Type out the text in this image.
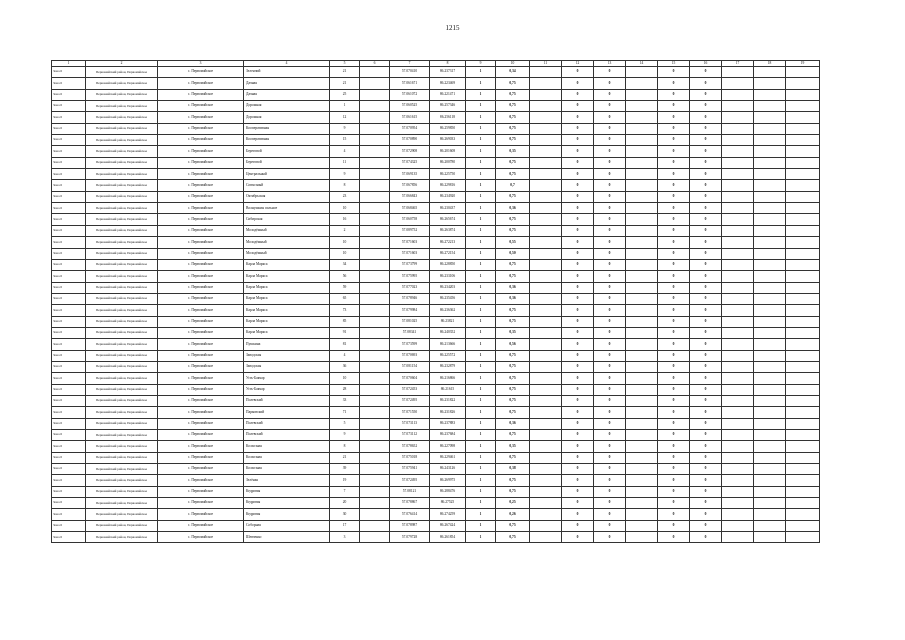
1215
1	2	3	4	5	6	7	8	9	10	11	12	13	14	15	16	17	18	19
Зона 6	Первомайский район, Первомайское	с. Первомайское	Зеленчий	21		57.070410	86.237317	1	0,34		0	0		0	0			
Зона 6	Первомайский район, Первомайское	с. Первомайское	Дачная	21		57.061671	86.223469	1	0,75		0	0		0	0			
Зона 6	Первомайский район, Первомайское	с. Первомайское	Дачная	25		57.061072	86.221471	1	0,75		0	0		0	0			
Зона 6	Первомайский район, Первомайское	с. Первомайское	Дорожная	1		57.060525	86.257346	1	0,75		0	0		0	0			
Зона 6	Первомайский район, Первомайское	с. Первомайское	Дорожная	12		57.061615	86.256118	1	0,75		0	0		0	0			
Зона 6	Первомайский район, Первомайское	с. Первомайское	Кооперативная	9		57.070954	86.259850	1	0,75		0	0		0	0			
Зона 6	Первомайский район, Первомайское	с. Первомайское	Кооперативная	15		57.070890	86.269033	1	0,75		0	0		0	0			
Зона 6	Первомайский район, Первомайское	с. Первомайское	Береговой	4		57.072908	86.201608	1	0,35		0	0		0	0			
Зона 6	Первомайский район, Первомайское	с. Первомайское	Береговой	11		57.074325	86.200780	1	0,75		0	0		0	0			
Зона 6	Первомайский район, Первомайское	с. Первомайское	Центральный	9		57.069135	86.225750	1	0,75		0	0		0	0			
Зона 6	Первомайский район, Первомайское	с. Первомайское	Совхозный	8		57.067856	86.229816	1	0,7		0	0		0	0			
Зона 6	Первомайский район, Первомайское	с. Первомайское	Октябрьская	23		57.066843	86.234920	1	0,75		0	0		0	0			
Зона 6	Первомайский район, Первомайское	с. Первомайское	Волнушкин сильное	10		57.068465	86.230437	1	0,36		0	0		0	0			
Зона 6	Первомайский район, Первомайское	с. Первомайское	Сибирская	16		57.060758	86.265674	1	0,75		0	0		0	0			
Зона 6	Первомайский район, Первомайское	с. Первомайское	Молодёжный	2		57.089752	86.263874	1	0,75		0	0		0	0			
Зона 6	Первомайский район, Первомайское	с. Первомайское	Молодёжный	10		57.071603	86.272213	1	0,55		0	0		0	0			
Зона 6	Первомайский район, Первомайское	с. Первомайское	Молодёжный	10		57.071603	86.272154	1	0,50		0	0		0	0			
Зона 6	Первомайский район, Первомайское	с. Первомайское	Карла Маркса	34		57.073799	86.228850	1	0,75		0	0		0	0			
Зона 6	Первомайский район, Первомайское	с. Первомайское	Карла Маркса	56		57.075995	86.233106	1	0,75		0	0		0	0			
Зона 6	Первомайский район, Первомайское	с. Первомайское	Карла Маркса	59		57.077023	86.234203	1	0,36		0	0		0	0			
Зона 6	Первомайский район, Первомайское	с. Первомайское	Карла Маркса	65		57.078946	86.235456	1	0,36		0	0		0	0			
Зона 6	Первомайский район, Первомайское	с. Первомайское	Карла Маркса	73		57.079984	86.236362	1	0,75		0	0		0	0			
Зона 6	Первомайский район, Первомайское	с. Первомайское	Карла Маркса	85		57.081025	86.23821	1	0,75		0	0		0	0			
Зона 6	Первомайский район, Первомайское	с. Первомайское	Карла Маркса	91		57.08341	86.240352	1	0,35		0	0		0	0			
Зона 6	Первомайский район, Первомайское	с. Первомайское	Пушкина	81		57.073599	86.213666	1	0,56		0	0		0	0			
Зона 6	Первомайский район, Первомайское	с. Первомайское	Заводская	4		57.070693	86.225572	1	0,75		0	0		0	0			
Зона 6	Первомайский район, Первомайское	с. Первомайское	Заводская	36		57.081154	86.232879	1	0,75		0	0		0	0			
Зона 6	Первомайский район, Первомайское	с. Первомайское	Усть-Бакчар	10		57.070604	86.216866	1	0,75		0	0		0	0			
Зона 6	Первомайский район, Первомайское	с. Первомайское	Усть-Бакчар	28		57.072453	86.21615	1	0,75		0	0		0	0			
Зона 6	Первомайский район, Первомайское	с. Первомайское	Полевский	33		57.072495	86.231822	1	0,75		0	0		0	0			
Зона 6	Первомайский район, Первомайское	с. Первомайское	Парковский	71		57.071550	86.231826	1	0,75		0	0		0	0			
Зона 6	Первомайский район, Первомайское	с. Первомайское	Полевский	5		57.073113	86.237883	1	0,36		0	0		0	0			
Зона 6	Первомайский район, Первомайское	с. Первомайское	Полевский	9		57.073112	86.237684	1	0,75		0	0		0	0			
Зона 6	Первомайский район, Первомайское	с. Первомайское	Колхозная	8		57.078652	86.227098	1	0,35		0	0		0	0			
Зона 6	Первомайский район, Первомайское	с. Первомайское	Колхозная	21		57.075018	86.229461	1	0,75		0	0		0	0			
Зона 6	Первомайский район, Первомайское	с. Первомайское	Колхозная	39		57.075941	86.243126	1	0,38		0	0		0	0			
Зона 6	Первомайский район, Первомайское	с. Первомайское	Зелёная	19		57.072495	86.269975	1	0,75		0	0		0	0			
Зона 6	Первомайский район, Первомайское	с. Первомайское	Кедровая	7		57.08121	86.288476	1	0,75		0	0		0	0			
Зона 6	Первомайский район, Первомайское	с. Первомайское	Кедровая	20		57.078867	86.27525	1	0,25		0	0		0	0			
Зона 6	Первомайский район, Первомайское	с. Первомайское	Кедровая	30		57.076414	86.274259	1	0,26		0	0		0	0			
Зона 6	Первомайский район, Первомайское	с. Первомайское	Соборная	17		57.078987	86.267424	1	0,75		0	0		0	0			
Зона 6	Первомайский район, Первомайское	с. Первомайское	Шевченко	3		57.079728	86.261854	1	0,75		0	0		0	0			
